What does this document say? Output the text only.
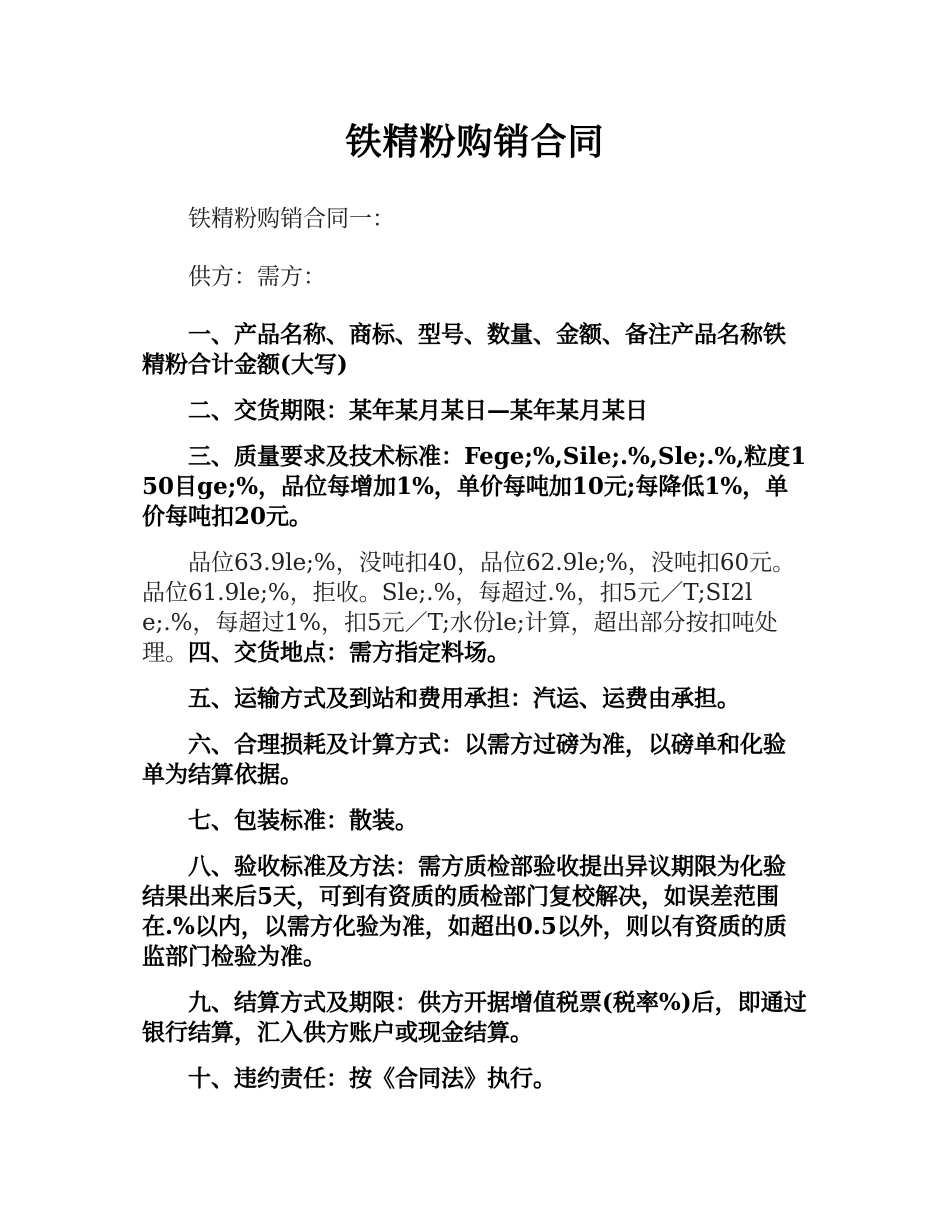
铁精粉购销合同

铁精粉购销合同一：

供方：需方：

一、产品名称、商标、型号、数量、金额、备注产品名称铁精粉合计金额(大写)

二、交货期限：某年某月某日—某年某月某日

三、质量要求及技术标准：Fege;%,Sile;.%,Sle;.%,粒度150目ge;%，品位每增加1%，单价每吨加10元;每降低1%，单价每吨扣20元。

品位63.9le;%，没吨扣40，品位62.9le;%，没吨扣60元。品位61.9le;%，拒收。Sle;.%，每超过.%，扣5元／T;SI2le;.%，每超过1%，扣5元／T;水份le;计算，超出部分按扣吨处理。四、交货地点：需方指定料场。

五、运输方式及到站和费用承担：汽运、运费由承担。

六、合理损耗及计算方式：以需方过磅为准，以磅单和化验单为结算依据。

七、包装标准：散装。

八、验收标准及方法：需方质检部验收提出异议期限为化验结果出来后5天，可到有资质的质检部门复校解决，如误差范围在.%以内，以需方化验为准，如超出0.5以外，则以有资质的质监部门检验为准。

九、结算方式及期限：供方开据增值税票(税率%)后，即通过银行结算，汇入供方账户或现金结算。

十、违约责任：按《合同法》执行。
